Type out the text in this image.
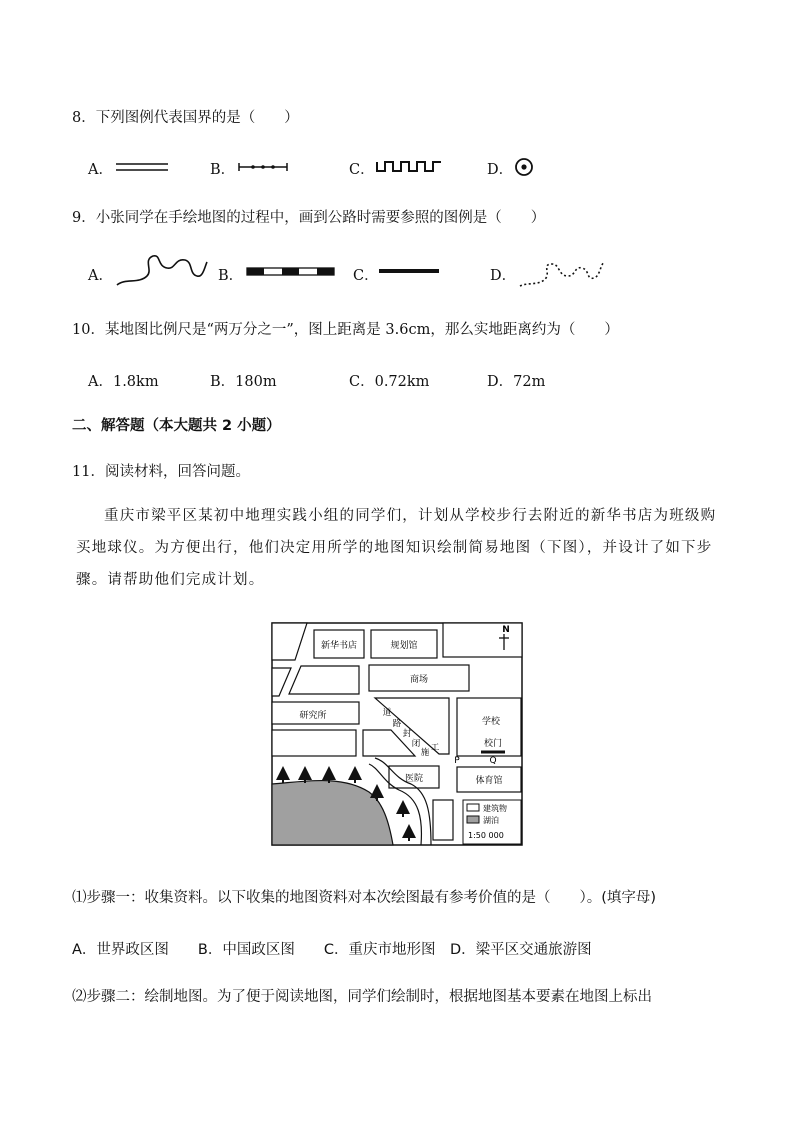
8．下列图例代表国界的是（　　）
A．	B．	C．	D．
9．小张同学在手绘地图的过程中，画到公路时需要参照的图例是（　　）
A．	B．	C．	D．
10．某地图比例尺是“两万分之一”，图上距离是 3.6cm，那么实地距离约为（　　）
A．1.8km	B．180m	C．0.72km	D．72m
二、解答题（本大题共 2 小题）
11．阅读材料，回答问题。
重庆市梁平区某初中地理实践小组的同学们，计划从学校步行去附近的新华书店为班级购买地球仪。为方便出行，他们决定用所学的地图知识绘制简易地图（下图），并设计了如下步骤。请帮助他们完成计划。
N
新华书店	规划馆
商场
研究所	道
路
封
闭
施 工
学校
校门
P	Q
医院	体育馆
建筑物
湖泊
1:50 000
⑴步骤一：收集资料。以下收集的地图资料对本次绘图最有参考价值的是（　　）。(填字母)
A．世界政区图　　B．中国政区图　　C．重庆市地形图　D．梁平区交通旅游图
⑵步骤二：绘制地图。为了便于阅读地图，同学们绘制时，根据地图基本要素在地图上标出
